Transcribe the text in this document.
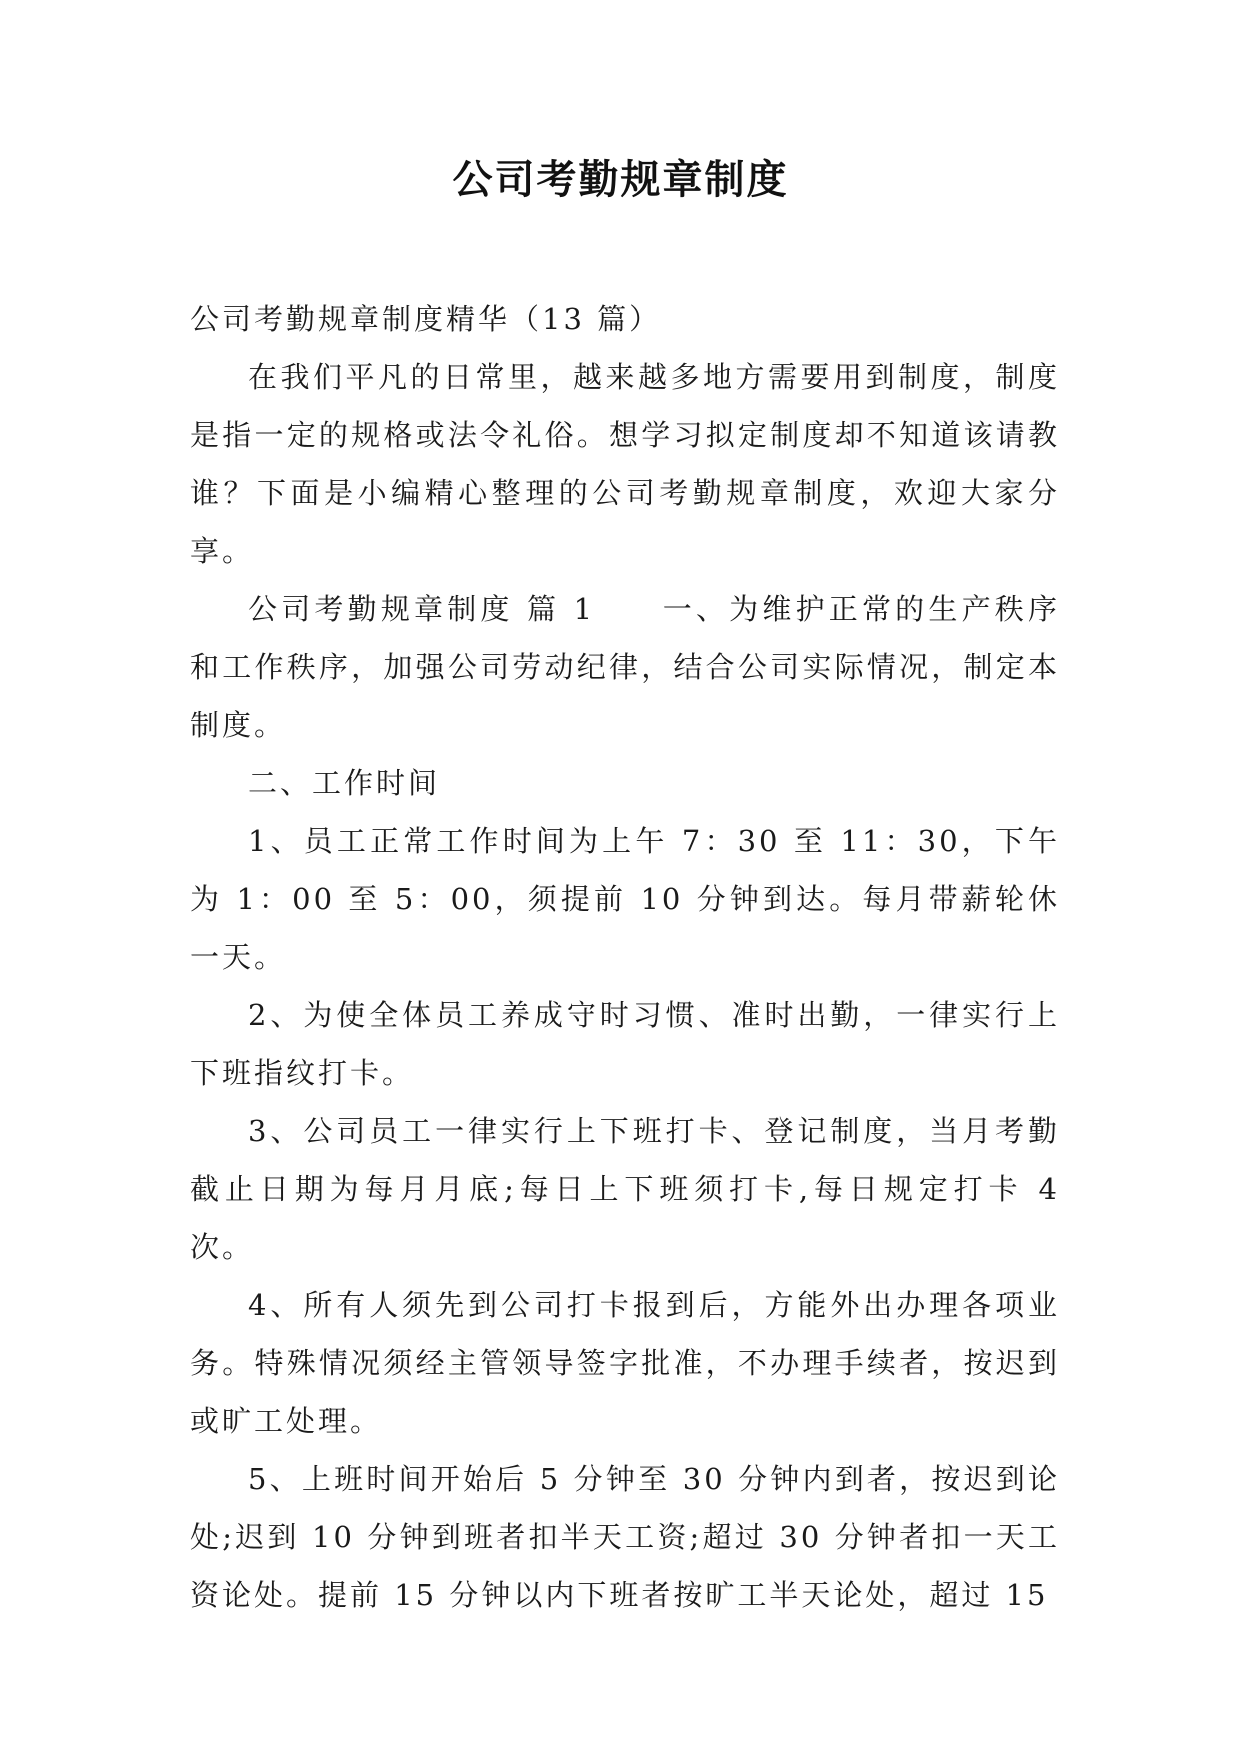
公司考勤规章制度

公司考勤规章制度精华（13 篇）

在我们平凡的日常里，越来越多地方需要用到制度，制度是指一定的规格或法令礼俗。想学习拟定制度却不知道该请教谁？下面是小编精心整理的公司考勤规章制度，欢迎大家分享。

公司考勤规章制度 篇 1　　一、为维护正常的生产秩序和工作秩序，加强公司劳动纪律，结合公司实际情况，制定本制度。

二、工作时间

1、员工正常工作时间为上午 7：30 至 11：30，下午为 1：00 至 5：00，须提前 10 分钟到达。每月带薪轮休一天。

2、为使全体员工养成守时习惯、准时出勤，一律实行上下班指纹打卡。

3、公司员工一律实行上下班打卡、登记制度，当月考勤截止日期为每月月底;每日上下班须打卡,每日规定打卡 4 次。

4、所有人须先到公司打卡报到后，方能外出办理各项业务。特殊情况须经主管领导签字批准，不办理手续者，按迟到或旷工处理。

5、上班时间开始后 5 分钟至 30 分钟内到者，按迟到论处;迟到 10 分钟到班者扣半天工资;超过 30 分钟者扣一天工资论处。提前 15 分钟以内下班者按旷工半天论处，超过 15
